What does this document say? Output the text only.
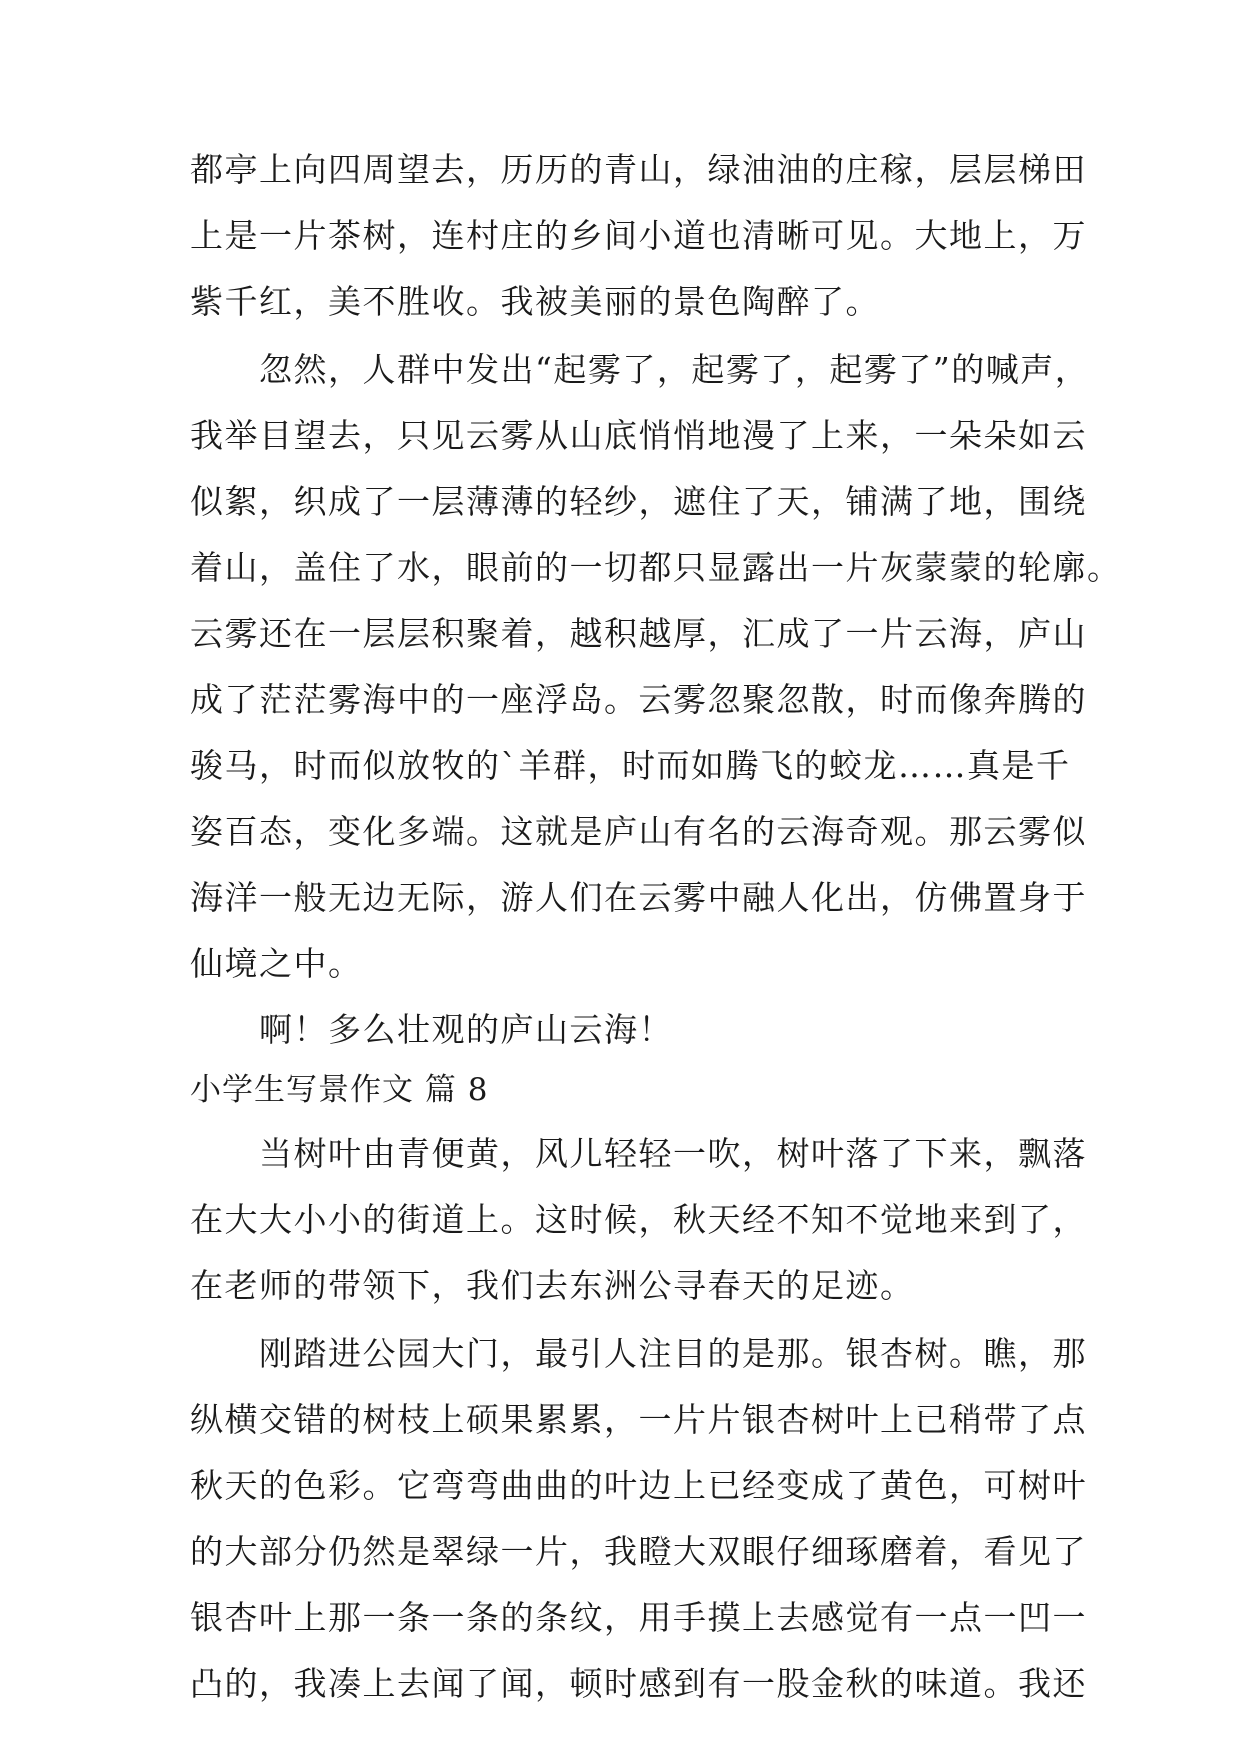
都亭上向四周望去，历历的青山，绿油油的庄稼，层层梯田
上是一片茶树，连村庄的乡间小道也清晰可见。大地上，万
紫千红，美不胜收。我被美丽的景色陶醉了。
　　忽然，人群中发出“起雾了，起雾了，起雾了”的喊声，
我举目望去，只见云雾从山底悄悄地漫了上来，一朵朵如云
似絮，织成了一层薄薄的轻纱，遮住了天，铺满了地，围绕
着山，盖住了水，眼前的一切都只显露出一片灰蒙蒙的轮廓。
云雾还在一层层积聚着，越积越厚，汇成了一片云海，庐山
成了茫茫雾海中的一座浮岛。云雾忽聚忽散，时而像奔腾的
骏马，时而似放牧的`羊群，时而如腾飞的蛟龙……真是千
姿百态，变化多端。这就是庐山有名的云海奇观。那云雾似
海洋一般无边无际，游人们在云雾中融人化出，仿佛置身于
仙境之中。
　　啊！多么壮观的庐山云海！
小学生写景作文 篇 8
　　当树叶由青便黄，风儿轻轻一吹，树叶落了下来，飘落
在大大小小的街道上。这时候，秋天经不知不觉地来到了，
在老师的带领下，我们去东洲公寻春天的足迹。
　　刚踏进公园大门，最引人注目的是那。银杏树。瞧，那
纵横交错的树枝上硕果累累，一片片银杏树叶上已稍带了点
秋天的色彩。它弯弯曲曲的叶边上已经变成了黄色，可树叶
的大部分仍然是翠绿一片，我瞪大双眼仔细琢磨着，看见了
银杏叶上那一条一条的条纹，用手摸上去感觉有一点一凹一
凸的，我凑上去闻了闻，顿时感到有一股金秋的味道。我还
